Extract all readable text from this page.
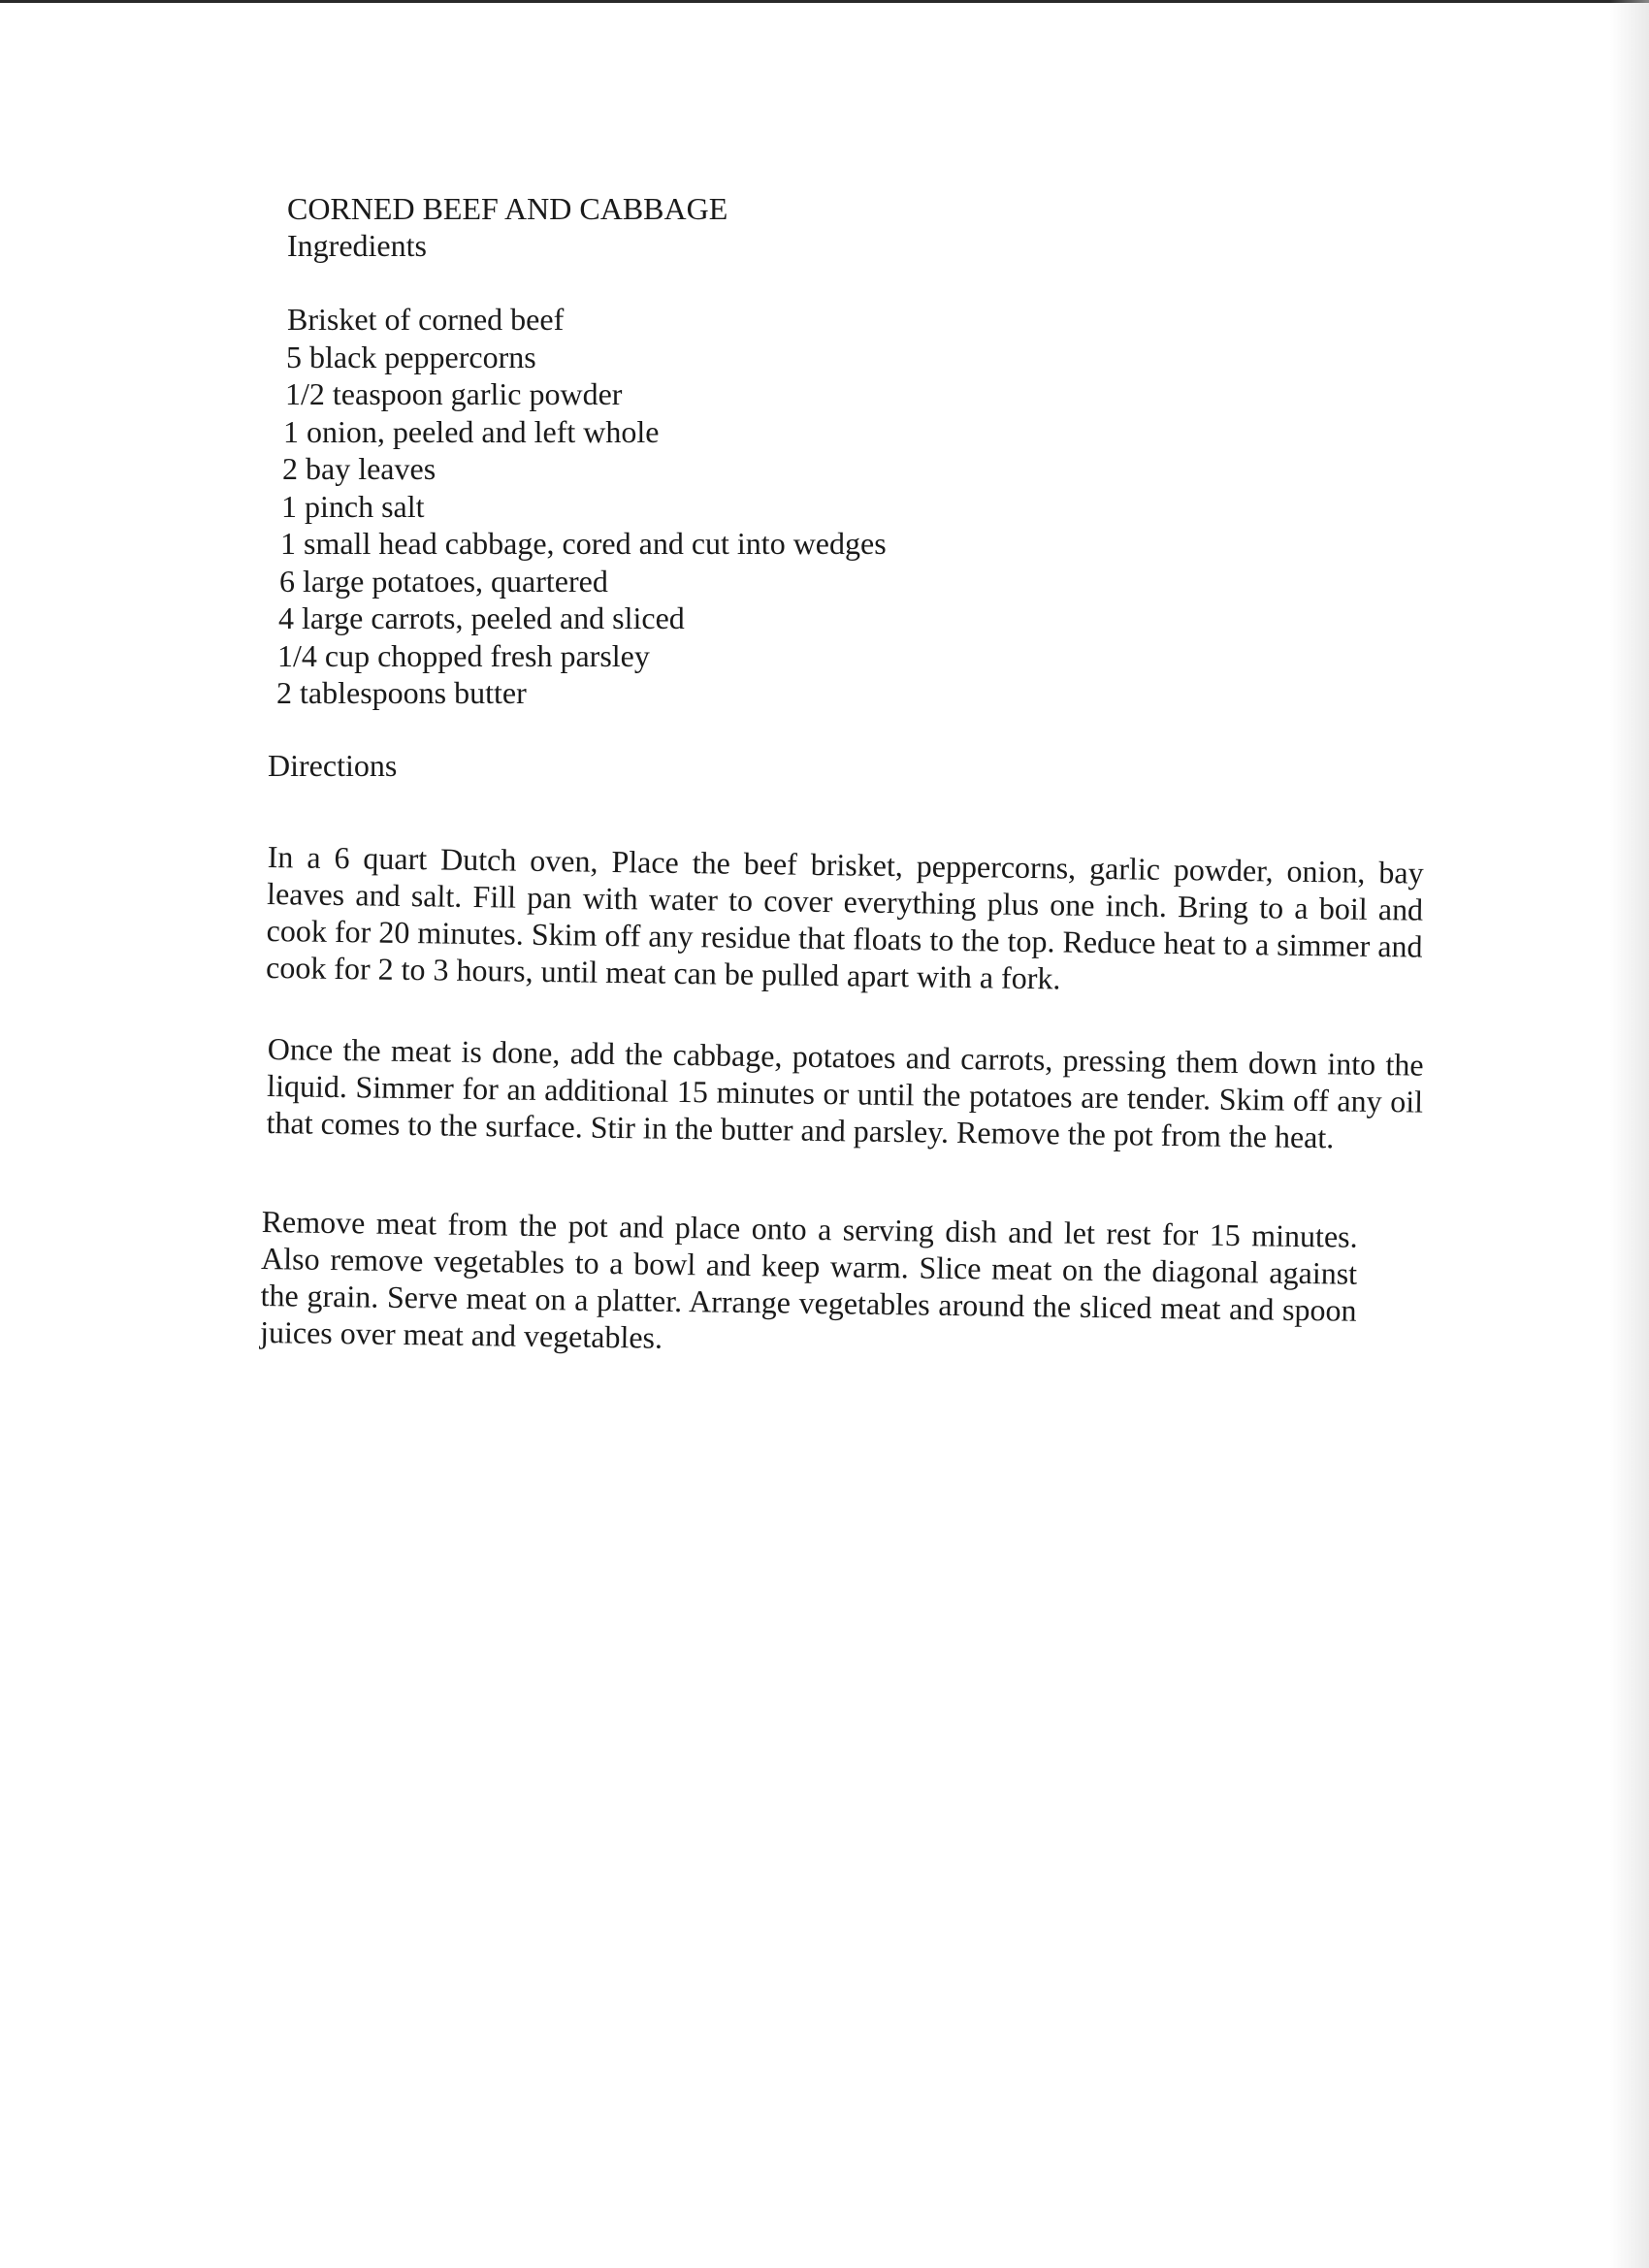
CORNED BEEF AND CABBAGE
Ingredients
Brisket of corned beef
5 black peppercorns
1/2 teaspoon garlic powder
1 onion, peeled and left whole
2 bay leaves
1 pinch salt
1 small head cabbage, cored and cut into wedges
6 large potatoes, quartered
4 large carrots, peeled and sliced
1/4 cup chopped fresh parsley
2 tablespoons butter
Directions

In a 6 quart Dutch oven, Place the beef brisket, peppercorns, garlic powder, onion, bay leaves and salt. Fill pan with water to cover everything plus one inch. Bring to a boil and cook for 20 minutes. Skim off any residue that floats to the top. Reduce heat to a simmer and cook for 2 to 3 hours, until meat can be pulled apart with a fork.

Once the meat is done, add the cabbage, potatoes and carrots, pressing them down into the liquid. Simmer for an additional 15 minutes or until the potatoes are tender. Skim off any oil that comes to the surface. Stir in the butter and parsley. Remove the pot from the heat.

Remove meat from the pot and place onto a serving dish and let rest for 15 minutes. Also remove vegetables to a bowl and keep warm. Slice meat on the diagonal against the grain. Serve meat on a platter. Arrange vegetables around the sliced meat and spoon juices over meat and vegetables.
